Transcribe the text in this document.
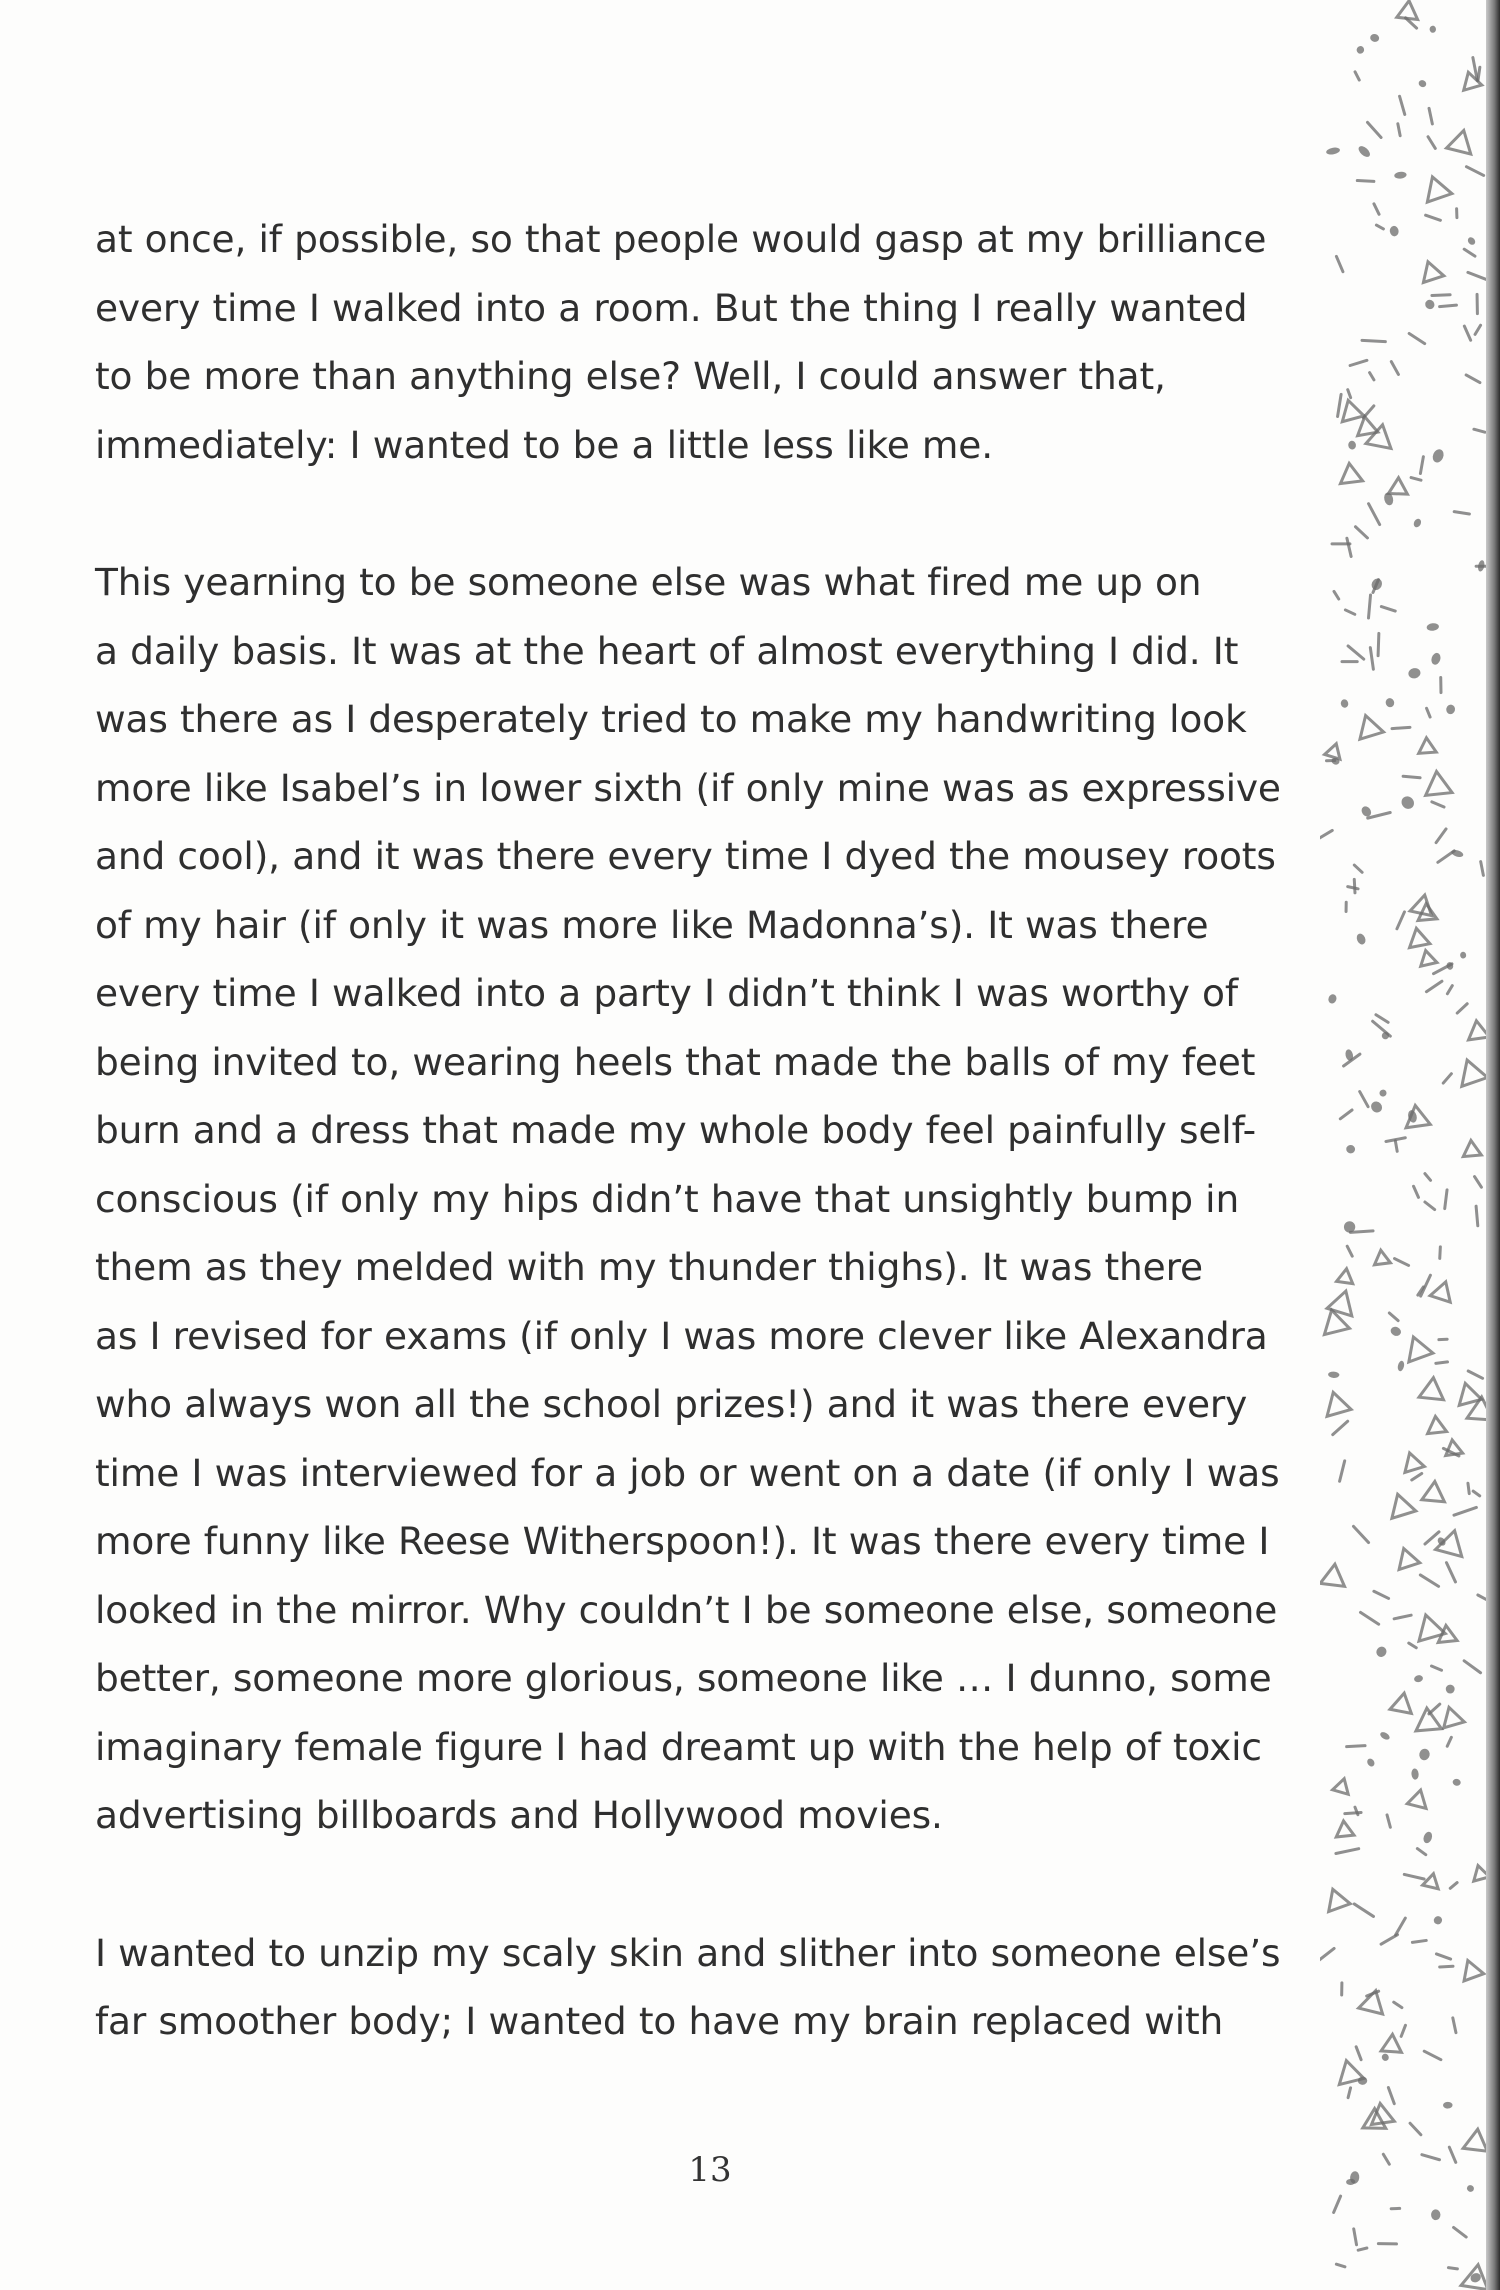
at once, if possible, so that people would gasp at my brilliance
every time I walked into a room. But the thing I really wanted
to be more than anything else? Well, I could answer that,
immediately: I wanted to be a little less like me.

This yearning to be someone else was what fired me up on
a daily basis. It was at the heart of almost everything I did. It
was there as I desperately tried to make my handwriting look
more like Isabel’s in lower sixth (if only mine was as expressive
and cool), and it was there every time I dyed the mousey roots
of my hair (if only it was more like Madonna’s). It was there
every time I walked into a party I didn’t think I was worthy of
being invited to, wearing heels that made the balls of my feet
burn and a dress that made my whole body feel painfully self-
conscious (if only my hips didn’t have that unsightly bump in
them as they melded with my thunder thighs). It was there
as I revised for exams (if only I was more clever like Alexandra
who always won all the school prizes!) and it was there every
time I was interviewed for a job or went on a date (if only I was
more funny like Reese Witherspoon!). It was there every time I
looked in the mirror. Why couldn’t I be someone else, someone
better, someone more glorious, someone like … I dunno, some
imaginary female figure I had dreamt up with the help of toxic
advertising billboards and Hollywood movies.

I wanted to unzip my scaly skin and slither into someone else’s
far smoother body; I wanted to have my brain replaced with

13
